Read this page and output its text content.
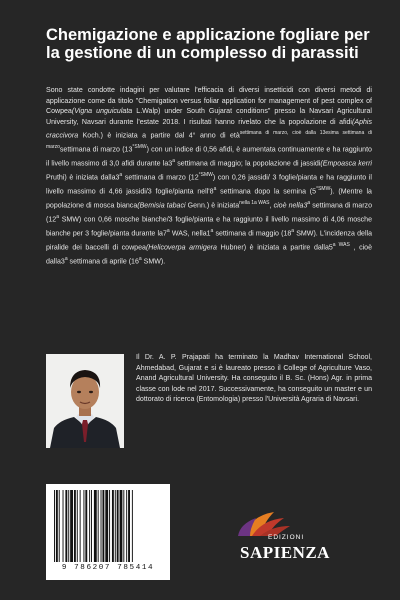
Chemigazione e applicazione fogliare per la gestione di un complesso di parassiti
Sono state condotte indagini per valutare l'efficacia di diversi insetticidi con diversi metodi di applicazione come da titolo "Chemigation versus foliar application for management of pest complex of Cowpea(Vigna unguiculata L.Walp) under South Gujarat conditions" presso la Navsari Agricultural University, Navsari durante l'estate 2018. I risultati hanno rivelato che la popolazione di afidi(Aphis craccivora Koch.) è iniziata a partire dal 4° anno di età$^{settimana di marzo, cioè dalla 13esima settimana di marzo}$settimana di marzo $(13^{^\circ SMW})$ con un indice di 0,56 afidi, è aumentata continuamente e ha raggiunto il livello massimo di 3,0 afidi durante la3$^a$ settimana di maggio; la popolazione di jassidi(Empoasca kerri Pruthi) è iniziata dalla3$^a$ settimana di marzo $(12^{^\circ SMW})$ con 0,26 jassidi/ 3 foglie/pianta e ha raggiunto il livello massimo di 4,66 jassidi/3 foglie/pianta nell'8$^a$ settimana dopo la semina $(5^{^\circ SMW})$. (Mentre la popolazione di mosca bianca(Bemisia tabaci Genn.) è iniziata$^{nella 1a WAS}$, cioè nella3$^a$ settimana di marzo (12$^a$ SMW) con 0,66 mosche bianche/3 foglie/pianta e ha raggiunto il livello massimo di 4,06 mosche bianche per 3 foglie/pianta durante la7$^a$ WAS, nella1$^a$ settimana di maggio (18$^a$ SMW). L'incidenza della piralide dei baccelli di cowpea(Helicoverpa armigera Hubner) è iniziata a partire $dalla5^{a WAS}$ , cioè dalla3$^a$ settimana di aprile (16$^a$ SMW).
Il Dr. A. P. Prajapati ha terminato la Madhav International School, Ahmedabad, Gujarat e si è laureato presso il College of Agriculture Vaso, Anand Agricultural University. Ha conseguito il B. Sc. (Hons) Agr. in prima classe con lode nel 2017. Successivamente, ha conseguito un master e un dottorato di ricerca (Entomologia) presso l'Università Agraria di Navsari.
9 786207 785414
EDIZIONI
SAPIENZA
